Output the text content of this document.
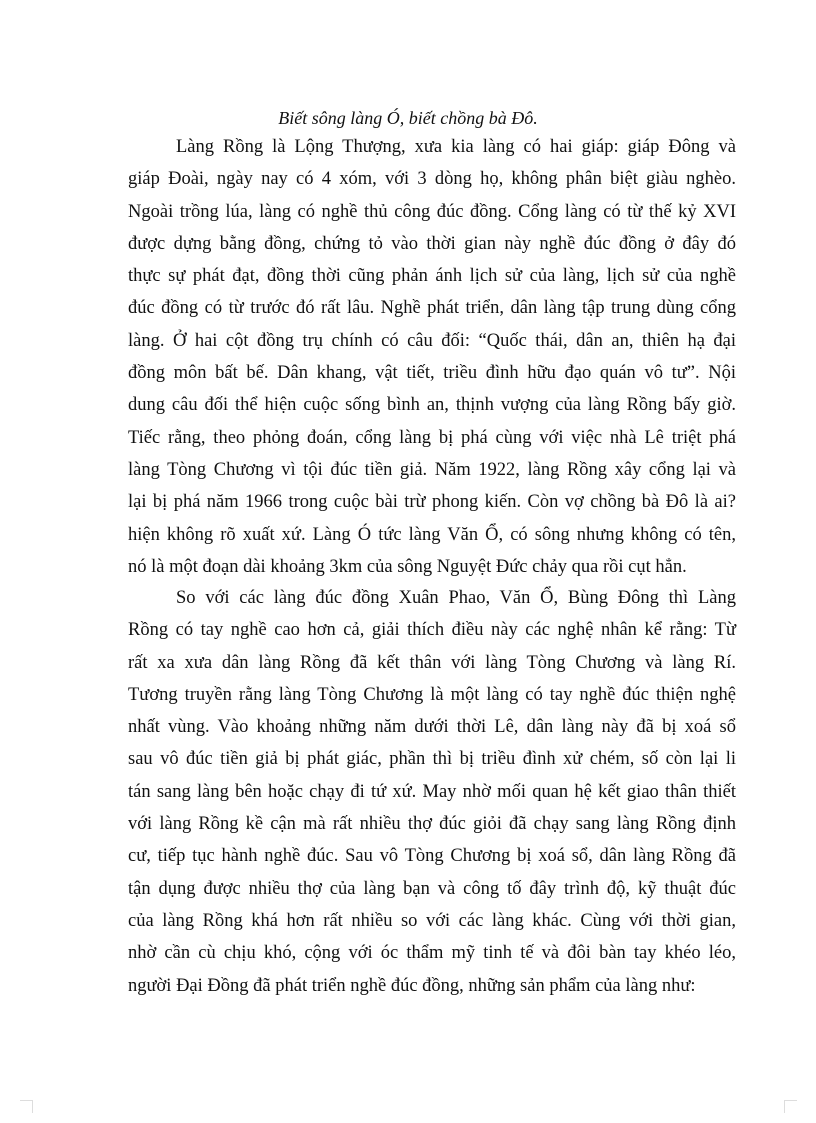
Biết sông làng Ó, biết chồng bà Đô.
Làng Rồng là Lộng Thượng, xưa kia làng có hai giáp: giáp Đông và
giáp Đoài, ngày nay có 4 xóm, với 3 dòng họ, không phân biệt giàu nghèo.
Ngoài trồng lúa, làng có nghề thủ công đúc đồng. Cổng làng có từ thế kỷ XVI
được dựng bằng đồng, chứng tỏ vào thời gian này nghề đúc đồng ở đây đó
thực sự phát đạt, đồng thời cũng phản ánh lịch sử của làng, lịch sử của nghề
đúc đồng có từ trước đó rất lâu. Nghề phát triển, dân làng tập trung dùng cổng
làng. Ở hai cột đồng trụ chính có câu đối: “Quốc thái, dân an, thiên hạ đại
đồng môn bất bế. Dân khang, vật tiết, triều đình hữu đạo quán vô tư”. Nội
dung câu đối thể hiện cuộc sống bình an, thịnh vượng của làng Rồng bấy giờ.
Tiếc rằng, theo phỏng đoán, cổng làng bị phá cùng với việc nhà Lê triệt phá
làng Tòng Chương vì tội đúc tiền giả. Năm 1922, làng Rồng xây cổng lại và
lại bị phá năm 1966 trong cuộc bài trừ phong kiến. Còn vợ chồng bà Đô là ai?
hiện không rõ xuất xứ. Làng Ó tức làng Văn Ổ, có sông nhưng không có tên,
nó là một đoạn dài khoảng 3km của sông Nguyệt Đức chảy qua rồi cụt hẳn.
So với các làng đúc đồng Xuân Phao, Văn Ổ, Bùng Đông thì Làng
Rồng có tay nghề cao hơn cả, giải thích điều này các nghệ nhân kể rằng: Từ
rất xa xưa dân làng Rồng đã kết thân với làng Tòng Chương và làng Rí.
Tương truyền rằng làng Tòng Chương là một làng có tay nghề đúc thiện nghệ
nhất vùng. Vào khoảng những năm dưới thời Lê, dân làng này đã bị xoá sổ
sau vô đúc tiền giả bị phát giác, phần thì bị triều đình xử chém, số còn lại li
tán sang làng bên hoặc chạy đi tứ xứ. May nhờ mối quan hệ kết giao thân thiết
với làng Rồng kề cận mà rất nhiều thợ đúc giỏi đã chạy sang làng Rồng định
cư, tiếp tục hành nghề đúc. Sau vô Tòng Chương bị xoá sổ, dân làng Rồng đã
tận dụng được nhiều thợ của làng bạn và công tố đây trình độ, kỹ thuật đúc
của làng Rồng khá hơn rất nhiều so với các làng khác. Cùng với thời gian,
nhờ cần cù chịu khó, cộng với óc thẩm mỹ tinh tế và đôi bàn tay khéo léo,
người Đại Đồng đã phát triển nghề đúc đồng, những sản phẩm của làng như:
